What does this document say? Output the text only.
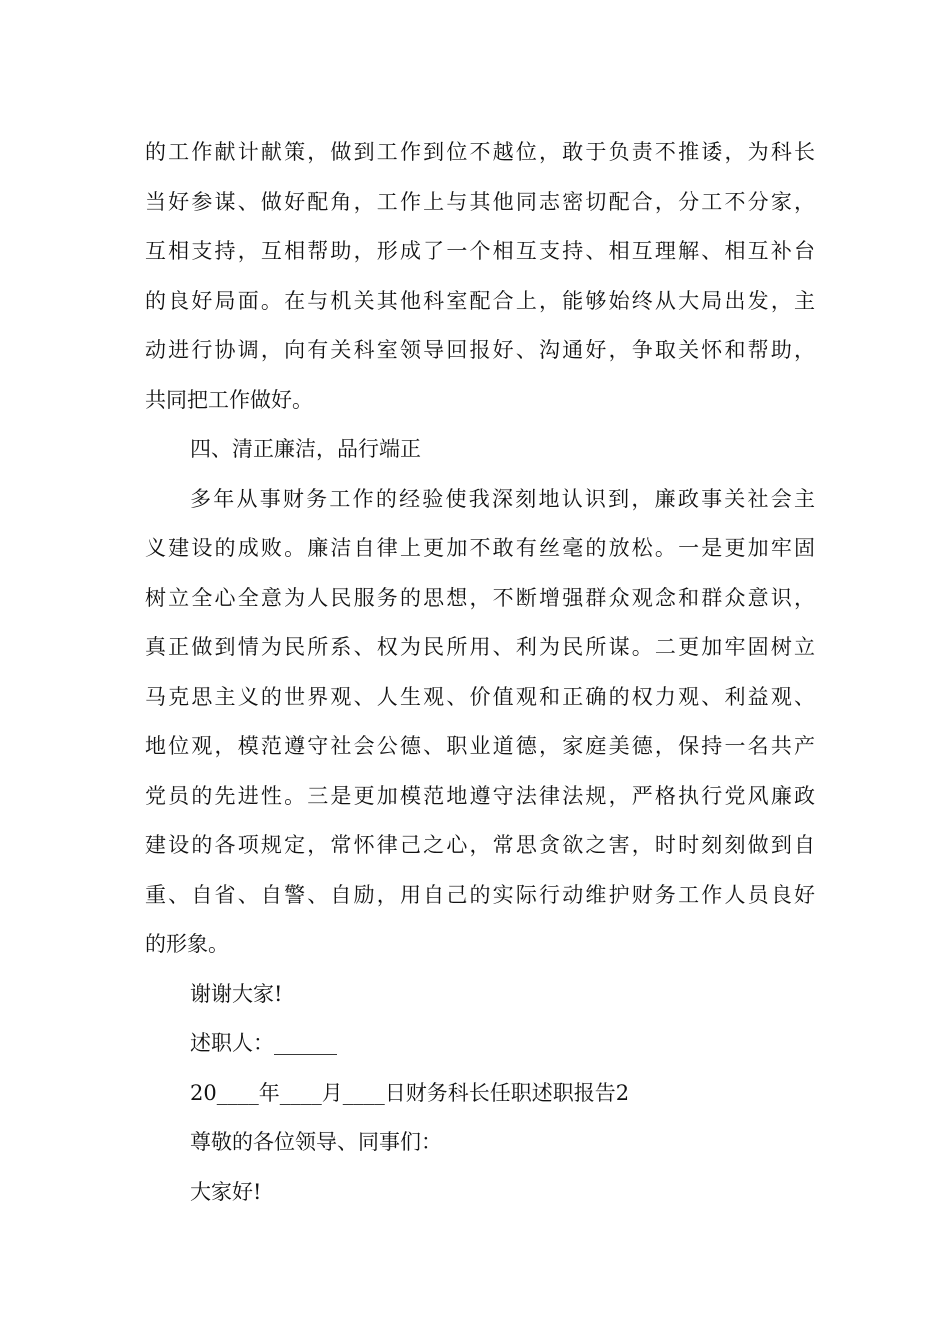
的工作献计献策，做到工作到位不越位，敢于负责不推诿，为科长
当好参谋、做好配角，工作上与其他同志密切配合，分工不分家，
互相支持，互相帮助，形成了一个相互支持、相互理解、相互补台
的良好局面。在与机关其他科室配合上，能够始终从大局出发，主
动进行协调，向有关科室领导回报好、沟通好，争取关怀和帮助，
共同把工作做好。
四、清正廉洁，品行端正
多年从事财务工作的经验使我深刻地认识到，廉政事关社会主
义建设的成败。廉洁自律上更加不敢有丝毫的放松。一是更加牢固
树立全心全意为人民服务的思想，不断增强群众观念和群众意识，
真正做到情为民所系、权为民所用、利为民所谋。二更加牢固树立
马克思主义的世界观、人生观、价值观和正确的权力观、利益观、
地位观，模范遵守社会公德、职业道德，家庭美德，保持一名共产
党员的先进性。三是更加模范地遵守法律法规，严格执行党风廉政
建设的各项规定，常怀律己之心，常思贪欲之害，时时刻刻做到自
重、自省、自警、自励，用自己的实际行动维护财务工作人员良好
的形象。
谢谢大家!
述职人：______
20____年____月____日财务科长任职述职报告2
尊敬的各位领导、同事们：
大家好!
